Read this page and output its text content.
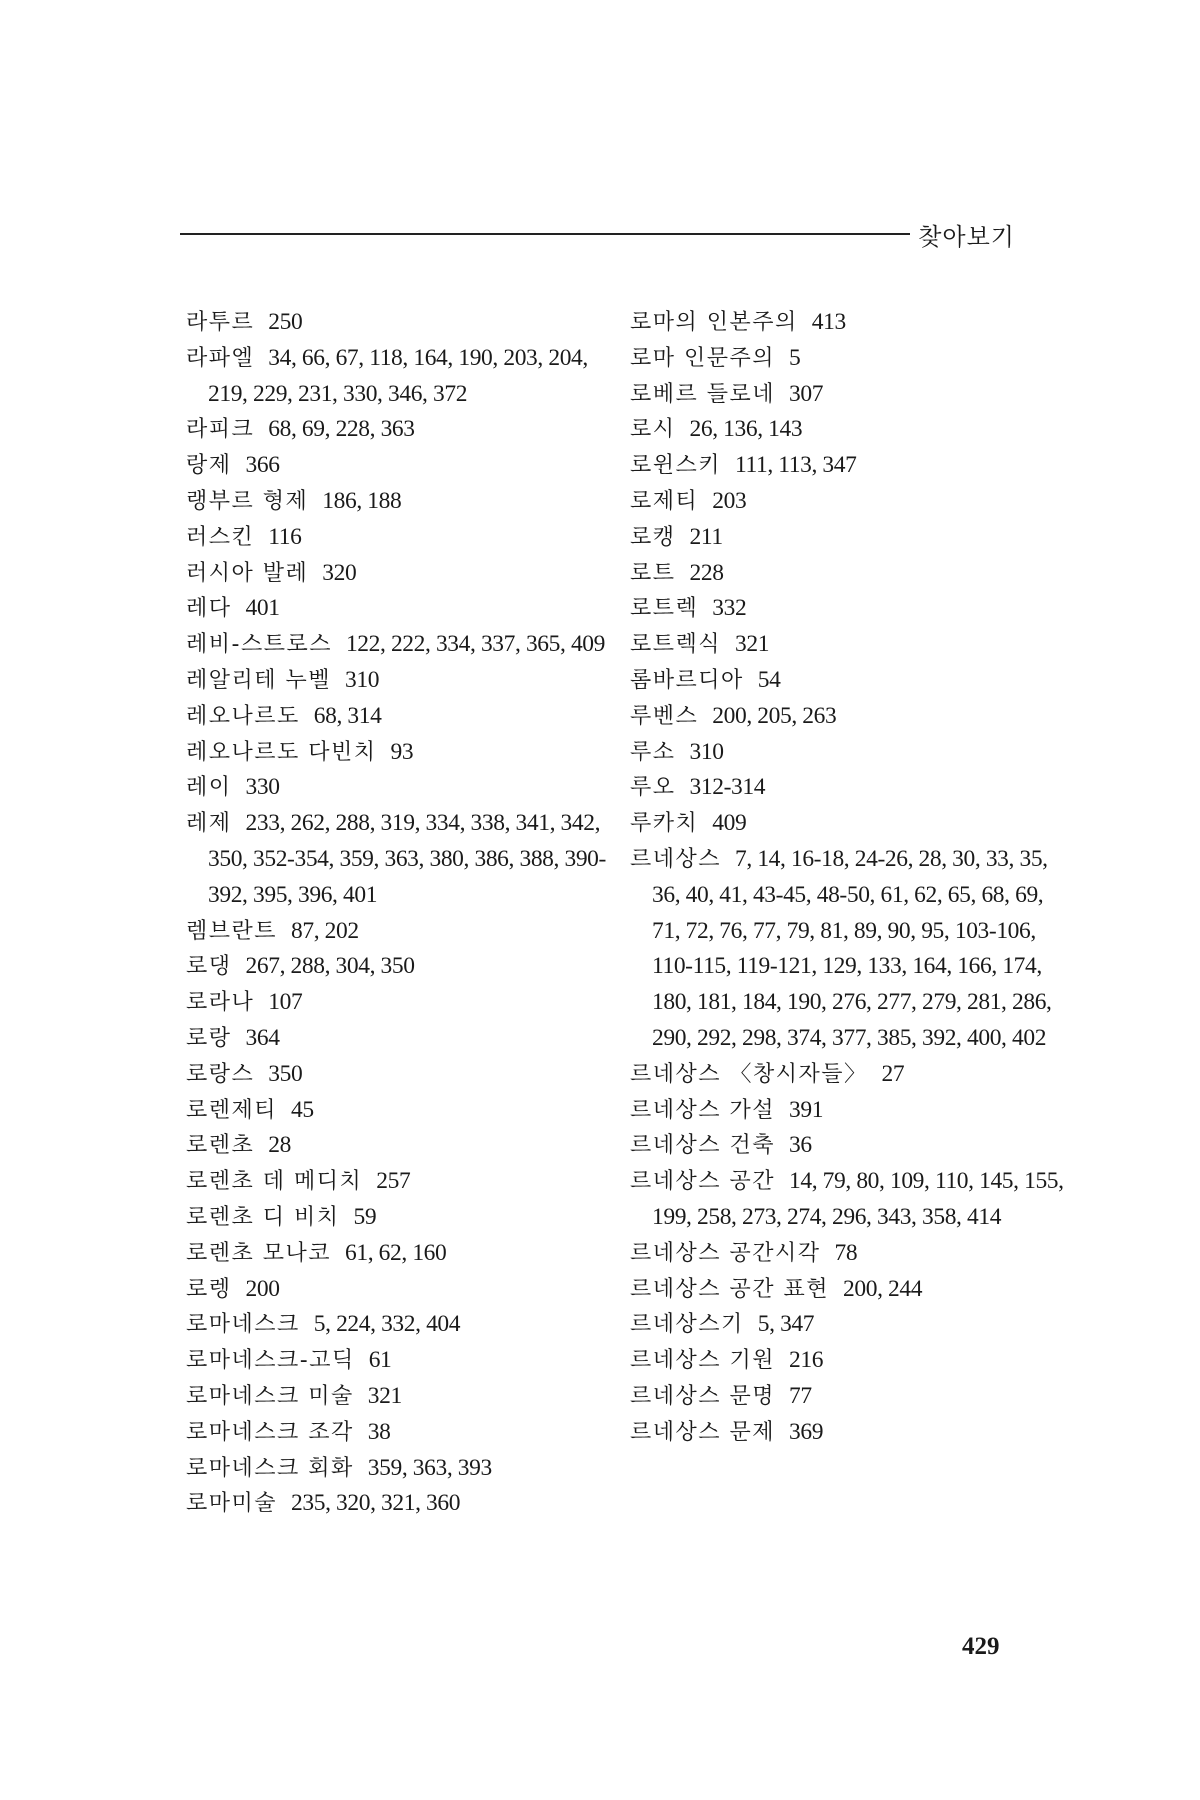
찾아보기
라투르 250
라파엘 34, 66, 67, 118, 164, 190, 203, 204, 219, 229, 231, 330, 346, 372
라피크 68, 69, 228, 363
랑제 366
랭부르 형제 186, 188
러스킨 116
러시아 발레 320
레다 401
레비-스트로스 122, 222, 334, 337, 365, 409
레알리테 누벨 310
레오나르도 68, 314
레오나르도 다빈치 93
레이 330
레제 233, 262, 288, 319, 334, 338, 341, 342, 350, 352-354, 359, 363, 380, 386, 388, 390-392, 395, 396, 401
렘브란트 87, 202
로댕 267, 288, 304, 350
로라나 107
로랑 364
로랑스 350
로렌제티 45
로렌초 28
로렌초 데 메디치 257
로렌초 디 비치 59
로렌초 모나코 61, 62, 160
로렝 200
로마네스크 5, 224, 332, 404
로마네스크-고딕 61
로마네스크 미술 321
로마네스크 조각 38
로마네스크 회화 359, 363, 393
로마미술 235, 320, 321, 360
로마의 인본주의 413
로마 인문주의 5
로베르 들로네 307
로시 26, 136, 143
로윈스키 111, 113, 347
로제티 203
로캥 211
로트 228
로트렉 332
로트렉식 321
롬바르디아 54
루벤스 200, 205, 263
루소 310
루오 312-314
루카치 409
르네상스 7, 14, 16-18, 24-26, 28, 30, 33, 35, 36, 40, 41, 43-45, 48-50, 61, 62, 65, 68, 69, 71, 72, 76, 77, 79, 81, 89, 90, 95, 103-106, 110-115, 119-121, 129, 133, 164, 166, 174, 180, 181, 184, 190, 276, 277, 279, 281, 286, 290, 292, 298, 374, 377, 385, 392, 400, 402
르네상스 〈창시자들〉 27
르네상스 가설 391
르네상스 건축 36
르네상스 공간 14, 79, 80, 109, 110, 145, 155, 199, 258, 273, 274, 296, 343, 358, 414
르네상스 공간시각 78
르네상스 공간 표현 200, 244
르네상스기 5, 347
르네상스 기원 216
르네상스 문명 77
르네상스 문제 369
429
